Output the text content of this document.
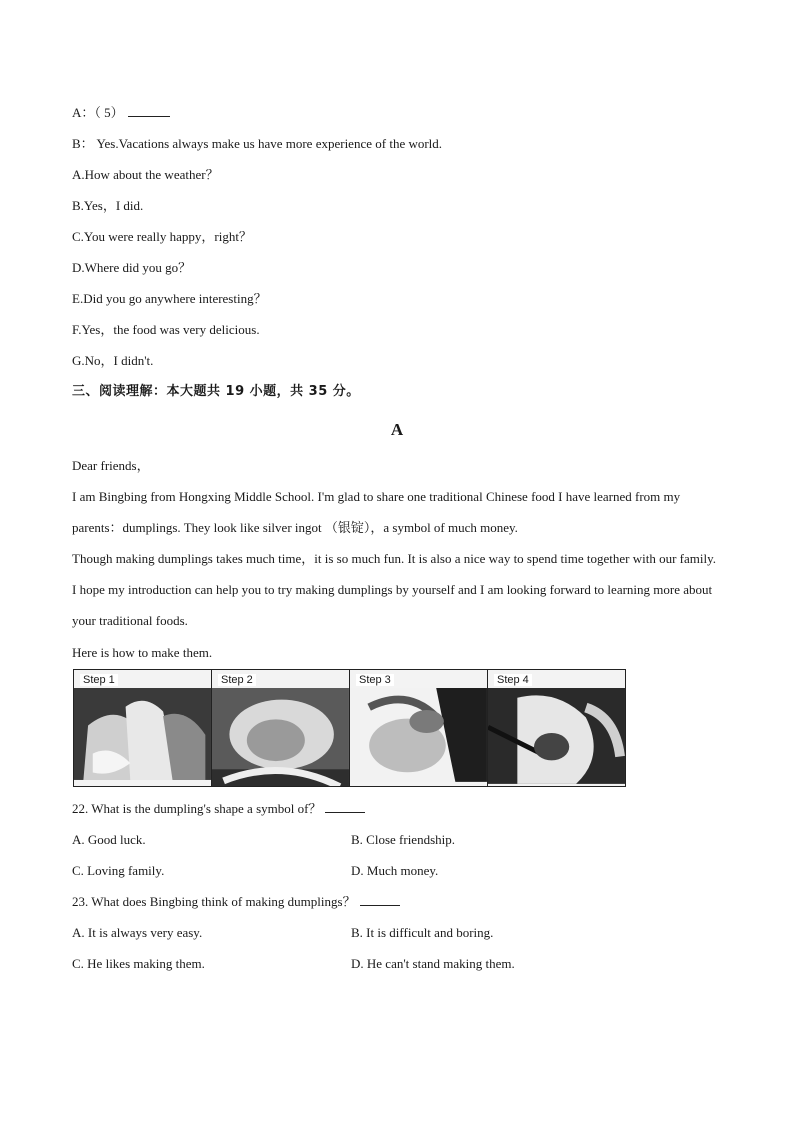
A：（ 5）
B： Yes.Vacations always make us have more experience of the world.
A.How about the weather？
B.Yes，I did.
C.You were really happy，right？
D.Where did you go？
E.Did you go anywhere interesting？
F.Yes，the food was very delicious.
G.No，I didn't.
三、阅读理解：本大题共 19 小题，共 35 分。
A
Dear friends，
I am Bingbing from Hongxing Middle School. I'm glad to share one traditional Chinese food I have learned from my parents：dumplings. They look like silver ingot （银锭），a symbol of much money.
Though making dumplings takes much time，it is so much fun. It is also a nice way to spend time together with our family. I hope my introduction can help you to try making dumplings by yourself and I am looking forward to learning more about your traditional foods.
Here is how to make them.
Step 1	Step 2	Step 3	Step 4
22. What is the dumpling's shape a symbol of？
A. Good luck.	B. Close friendship.
C. Loving family.	D. Much money.
23. What does Bingbing think of making dumplings？
A. It is always very easy.	B. It is difficult and boring.
C. He likes making them.	D. He can't stand making them.
